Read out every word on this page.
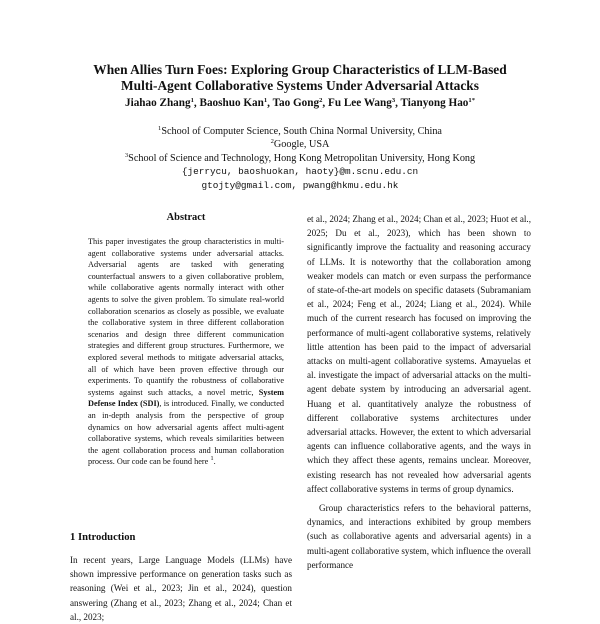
When Allies Turn Foes: Exploring Group Characteristics of LLM-Based
Multi-Agent Collaborative Systems Under Adversarial Attacks
Jiahao Zhang$^1$, Baoshuo Kan$^1$, Tao Gong$^2$, Fu Lee Wang$^3$, Tianyong Hao$^{1*}$
$^1$School of Computer Science, South China Normal University, China
$^2$Google, USA
$^3$School of Science and Technology, Hong Kong Metropolitan University, Hong Kong
{jerrycu, baoshuokan, haoty}@m.scnu.edu.cn
gtojty@gmail.com, pwang@hkmu.edu.hk
Abstract
This paper investigates the group characteristics in multi-agent collaborative systems under adversarial attacks. Adversarial agents are tasked with generating counterfactual answers to a given collaborative problem, while collaborative agents normally interact with other agents to solve the given problem. To simulate real-world collaboration scenarios as closely as possible, we evaluate the collaborative system in three different collaboration scenarios and design three different communication strategies and different group structures. Furthermore, we explored several methods to mitigate adversarial attacks, all of which have been proven effective through our experiments. To quantify the robustness of collaborative systems against such attacks, a novel metric, System Defense Index (SDI), is introduced. Finally, we conducted an in-depth analysis from the perspective of group dynamics on how adversarial agents affect multi-agent collaborative systems, which reveals similarities between the agent collaboration process and human collaboration process. Our code can be found here $^1$.
1 Introduction
In recent years, Large Language Models (LLMs) have shown impressive performance on generation tasks such as reasoning (Wei et al., 2023; Jin et al., 2024), question answering (Zhang et al., 2023; Zhang et al., 2024; Chan et al., 2023;

et al., 2024; Zhang et al., 2024; Chan et al., 2023; Huot et al., 2025; Du et al., 2023), which has been shown to significantly improve the factuality and reasoning accuracy of LLMs. It is noteworthy that the collaboration among weaker models can match or even surpass the performance of state-of-the-art models on specific datasets (Subramaniam et al., 2024; Feng et al., 2024; Liang et al., 2024). While much of the current research has focused on improving the performance of multi-agent collaborative systems, relatively little attention has been paid to the impact of adversarial attacks on multi-agent collaborative systems. Amayuelas et al. investigate the impact of adversarial attacks on the multi-agent debate system by introducing an adversarial agent. Huang et al. quantitatively analyze the robustness of different collaborative systems architectures under adversarial attacks. However, the extent to which adversarial agents can influence collaborative agents, and the ways in which they affect these agents, remains unclear. Moreover, existing research has not revealed how adversarial agents affect collaborative systems in terms of group dynamics.

Group characteristics refers to the behavioral patterns, dynamics, and interactions exhibited by group members (such as collaborative agents and adversarial agents) in a multi-agent collaborative system, which influence the overall performance
